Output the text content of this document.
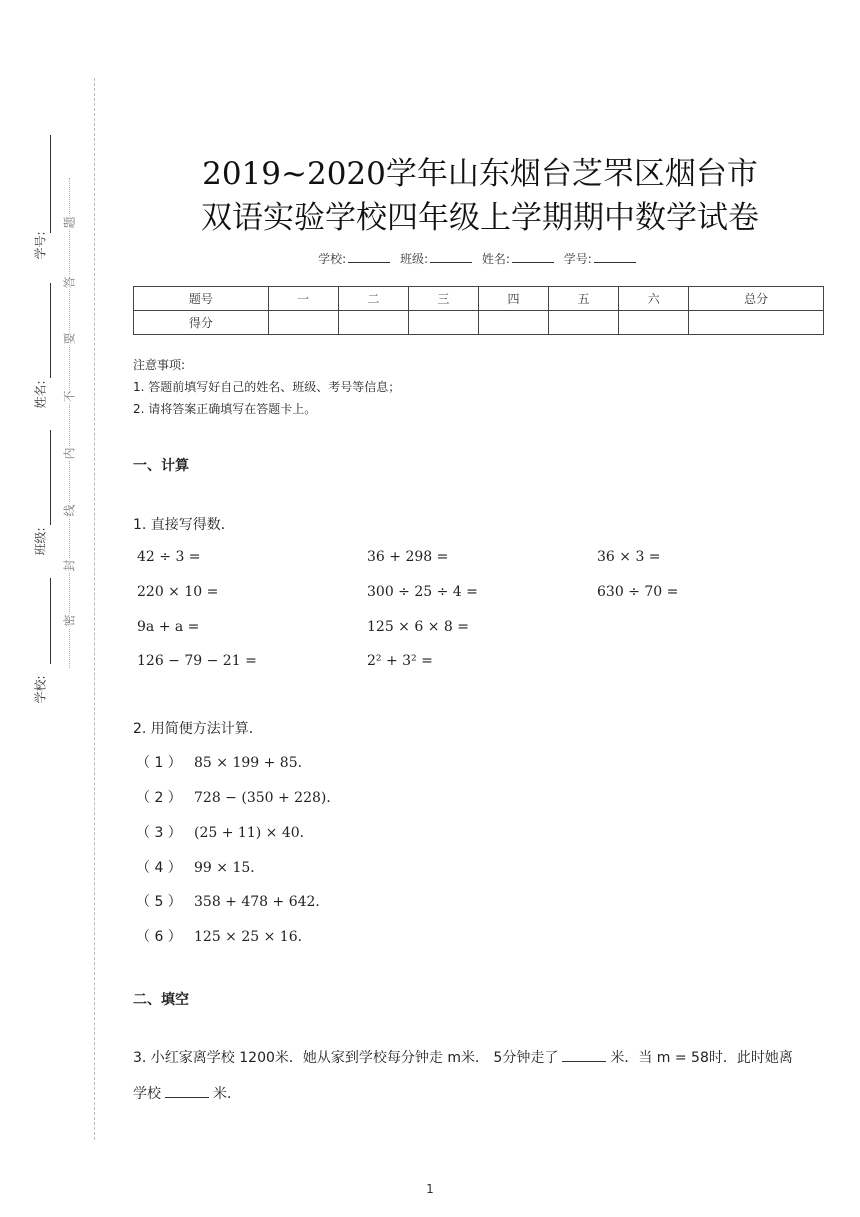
学号:
姓名:
班级:
学校:
题
答
要
不
内
线
封
密
2019~2020学年山东烟台芝罘区烟台市
双语实验学校四年级上学期期中数学试卷
学校:	班级:	姓名:	学号:
题号	一	二	三	四	五	六	总分
得分							
注意事项:
1. 答题前填写好自己的姓名、班级、考号等信息；
2. 请将答案正确填写在答题卡上。
一、计算
1. 直接写得数．
42 ÷ 3 =	36 + 298 =	36 × 3 =
220 × 10 =	300 ÷ 25 ÷ 4 =	630 ÷ 70 =
9a + a =	125 × 6 × 8 =
126 − 79 − 21 =	2² + 3² =
2. 用简便方法计算．
（ 1 ） 85 × 199 + 85．
（ 2 ） 728 − (350 + 228)．
（ 3 ） (25 + 11) × 40．
（ 4 ） 99 × 15．
（ 5 ） 358 + 478 + 642．
（ 6 ） 125 × 25 × 16．
二、填空
3. 小红家离学校 1200米．她从家到学校每分钟走 m米． 5分钟走了	米．当 m = 58时．此时她离
学校	米．
1
